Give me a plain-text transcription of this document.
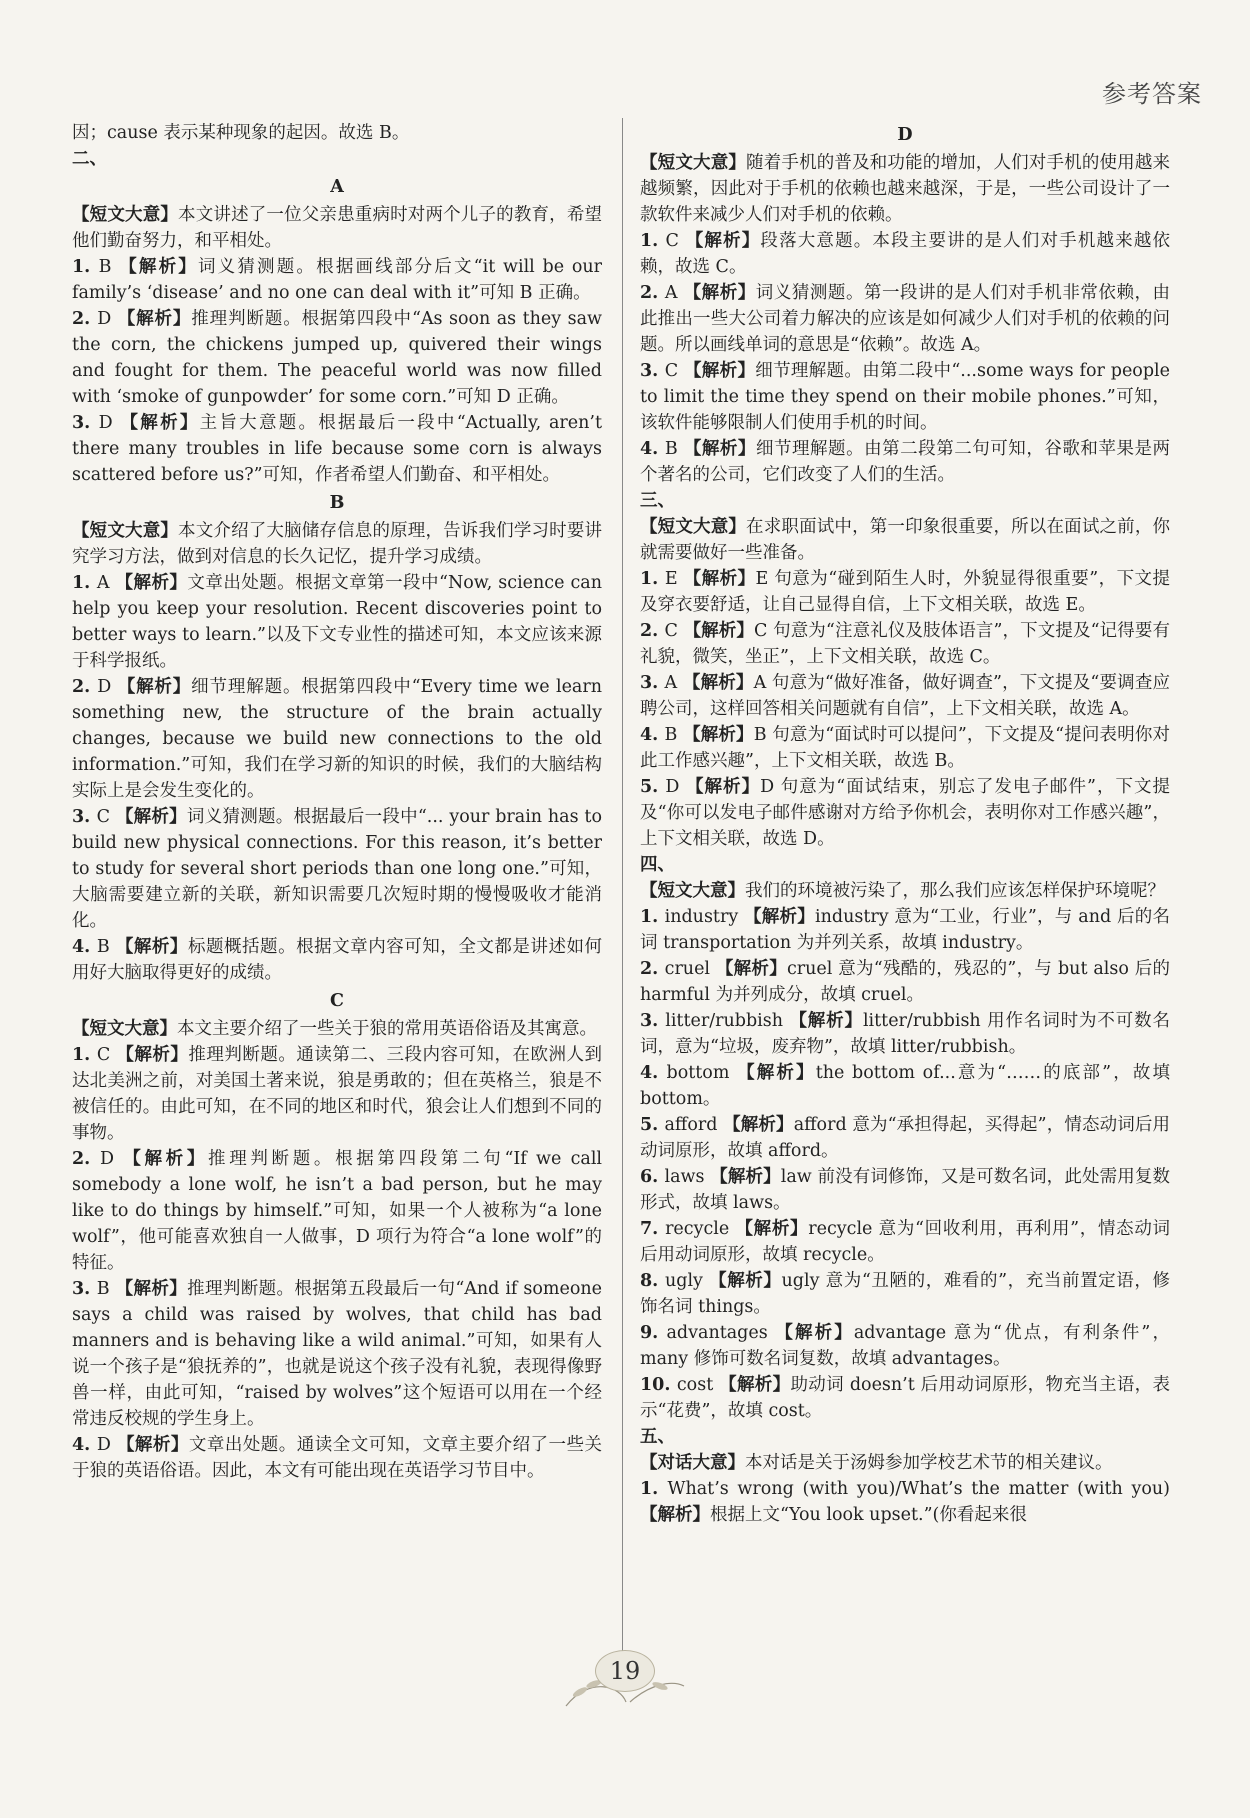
参考答案
因；cause 表示某种现象的起因。故选 B。
二、
A
【短文大意】本文讲述了一位父亲患重病时对两个儿子的教育，希望他们勤奋努力，和平相处。
1. B 【解析】词义猜测题。根据画线部分后文“it will be our family’s ‘disease’ and no one can deal with it”可知 B 正确。
2. D 【解析】推理判断题。根据第四段中“As soon as they saw the corn, the chickens jumped up, quivered their wings and fought for them. The peaceful world was now filled with ‘smoke of gunpowder’ for some corn.”可知 D 正确。
3. D 【解析】主旨大意题。根据最后一段中“Actually, aren’t there many troubles in life because some corn is always scattered before us?”可知，作者希望人们勤奋、和平相处。
B
【短文大意】本文介绍了大脑储存信息的原理，告诉我们学习时要讲究学习方法，做到对信息的长久记忆，提升学习成绩。
1. A 【解析】文章出处题。根据文章第一段中“Now, science can help you keep your resolution. Recent discoveries point to better ways to learn.”以及下文专业性的描述可知，本文应该来源于科学报纸。
2. D 【解析】细节理解题。根据第四段中“Every time we learn something new, the structure of the brain actually changes, because we build new connections to the old information.”可知，我们在学习新的知识的时候，我们的大脑结构实际上是会发生变化的。
3. C 【解析】词义猜测题。根据最后一段中“... your brain has to build new physical connections. For this reason, it’s better to study for several short periods than one long one.”可知，大脑需要建立新的关联，新知识需要几次短时期的慢慢吸收才能消化。
4. B 【解析】标题概括题。根据文章内容可知，全文都是讲述如何用好大脑取得更好的成绩。
C
【短文大意】本文主要介绍了一些关于狼的常用英语俗语及其寓意。
1. C 【解析】推理判断题。通读第二、三段内容可知，在欧洲人到达北美洲之前，对美国土著来说，狼是勇敢的；但在英格兰，狼是不被信任的。由此可知，在不同的地区和时代，狼会让人们想到不同的事物。
2. D 【解析】推理判断题。根据第四段第二句“If we call somebody a lone wolf, he isn’t a bad person, but he may like to do things by himself.”可知，如果一个人被称为“a lone wolf”，他可能喜欢独自一人做事，D 项行为符合“a lone wolf”的特征。
3. B 【解析】推理判断题。根据第五段最后一句“And if someone says a child was raised by wolves, that child has bad manners and is behaving like a wild animal.”可知，如果有人说一个孩子是“狼抚养的”，也就是说这个孩子没有礼貌，表现得像野兽一样，由此可知，“raised by wolves”这个短语可以用在一个经常违反校规的学生身上。
4. D 【解析】文章出处题。通读全文可知，文章主要介绍了一些关于狼的英语俗语。因此，本文有可能出现在英语学习节目中。
D
【短文大意】随着手机的普及和功能的增加，人们对手机的使用越来越频繁，因此对于手机的依赖也越来越深，于是，一些公司设计了一款软件来减少人们对手机的依赖。
1. C 【解析】段落大意题。本段主要讲的是人们对手机越来越依赖，故选 C。
2. A 【解析】词义猜测题。第一段讲的是人们对手机非常依赖，由此推出一些大公司着力解决的应该是如何减少人们对手机的依赖的问题。所以画线单词的意思是“依赖”。故选 A。
3. C 【解析】细节理解题。由第二段中“...some ways for people to limit the time they spend on their mobile phones.”可知，该软件能够限制人们使用手机的时间。
4. B 【解析】细节理解题。由第二段第二句可知，谷歌和苹果是两个著名的公司，它们改变了人们的生活。
三、
【短文大意】在求职面试中，第一印象很重要，所以在面试之前，你就需要做好一些准备。
1. E 【解析】E 句意为“碰到陌生人时，外貌显得很重要”，下文提及穿衣要舒适，让自己显得自信，上下文相关联，故选 E。
2. C 【解析】C 句意为“注意礼仪及肢体语言”，下文提及“记得要有礼貌，微笑，坐正”，上下文相关联，故选 C。
3. A 【解析】A 句意为“做好准备，做好调查”，下文提及“要调查应聘公司，这样回答相关问题就有自信”，上下文相关联，故选 A。
4. B 【解析】B 句意为“面试时可以提问”，下文提及“提问表明你对此工作感兴趣”，上下文相关联，故选 B。
5. D 【解析】D 句意为“面试结束，别忘了发电子邮件”，下文提及“你可以发电子邮件感谢对方给予你机会，表明你对工作感兴趣”，上下文相关联，故选 D。
四、
【短文大意】我们的环境被污染了，那么我们应该怎样保护环境呢？
1. industry 【解析】industry 意为“工业，行业”，与 and 后的名词 transportation 为并列关系，故填 industry。
2. cruel 【解析】cruel 意为“残酷的，残忍的”，与 but also 后的 harmful 为并列成分，故填 cruel。
3. litter/rubbish 【解析】litter/rubbish 用作名词时为不可数名词，意为“垃圾，废弃物”，故填 litter/rubbish。
4. bottom 【解析】the bottom of...意为“……的底部”，故填 bottom。
5. afford 【解析】afford 意为“承担得起，买得起”，情态动词后用动词原形，故填 afford。
6. laws 【解析】law 前没有词修饰，又是可数名词，此处需用复数形式，故填 laws。
7. recycle 【解析】recycle 意为“回收利用，再利用”，情态动词后用动词原形，故填 recycle。
8. ugly 【解析】ugly 意为“丑陋的，难看的”，充当前置定语，修饰名词 things。
9. advantages 【解析】advantage 意为“优点，有利条件”，many 修饰可数名词复数，故填 advantages。
10. cost 【解析】助动词 doesn’t 后用动词原形，物充当主语，表示“花费”，故填 cost。
五、
【对话大意】本对话是关于汤姆参加学校艺术节的相关建议。
1. What’s wrong (with you)/What’s the matter (with you) 【解析】根据上文“You look upset.”(你看起来很
19
